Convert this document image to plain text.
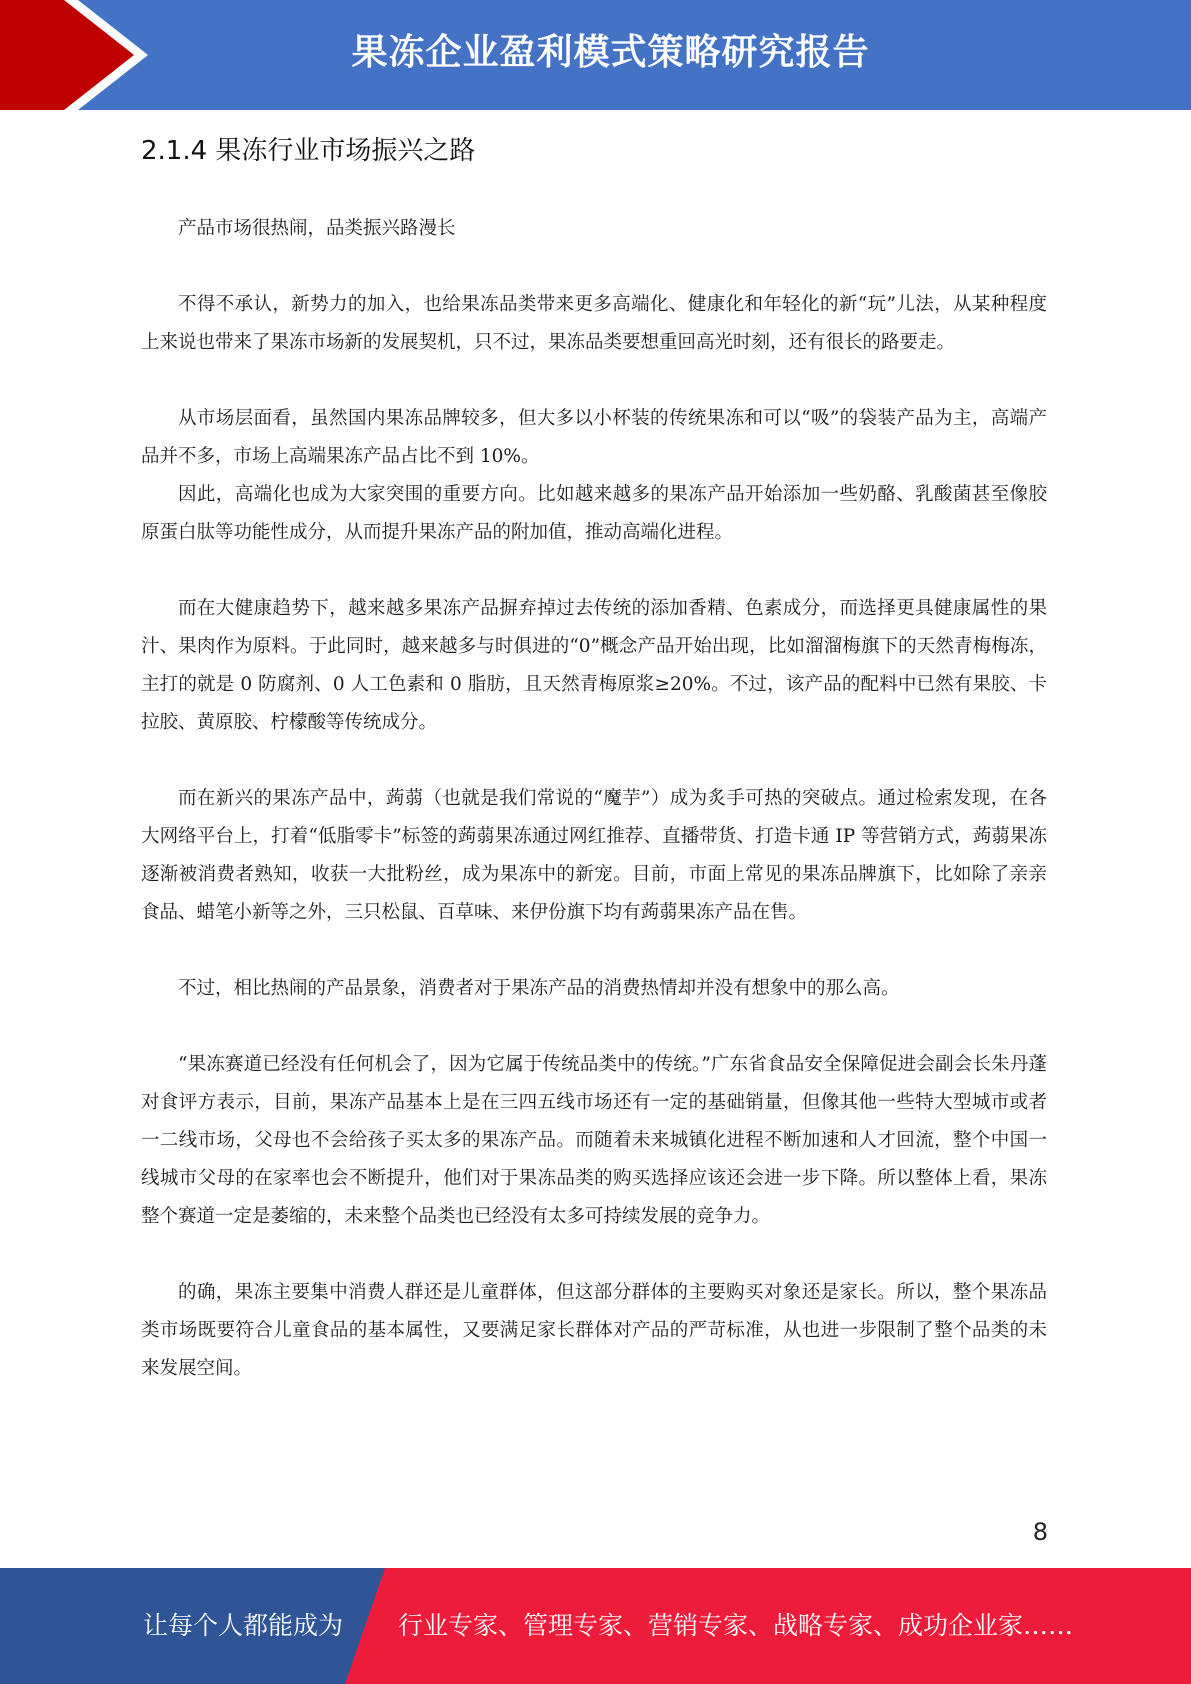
果冻企业盈利模式策略研究报告
2.1.4 果冻行业市场振兴之路

产品市场很热闹，品类振兴路漫长

不得不承认，新势力的加入，也给果冻品类带来更多高端化、健康化和年轻化的新“玩”儿法，从某种程度上来说也带来了果冻市场新的发展契机，只不过，果冻品类要想重回高光时刻，还有很长的路要走。

从市场层面看，虽然国内果冻品牌较多，但大多以小杯装的传统果冻和可以“吸”的袋装产品为主，高端产品并不多，市场上高端果冻产品占比不到 10%。

因此，高端化也成为大家突围的重要方向。比如越来越多的果冻产品开始添加一些奶酪、乳酸菌甚至像胶原蛋白肽等功能性成分，从而提升果冻产品的附加值，推动高端化进程。

而在大健康趋势下，越来越多果冻产品摒弃掉过去传统的添加香精、色素成分，而选择更具健康属性的果汁、果肉作为原料。于此同时，越来越多与时俱进的“0”概念产品开始出现，比如溜溜梅旗下的天然青梅梅冻，主打的就是 0 防腐剂、0 人工色素和 0 脂肪，且天然青梅原浆≥20%。不过，该产品的配料中已然有果胶、卡拉胶、黄原胶、柠檬酸等传统成分。

而在新兴的果冻产品中，蒟蒻（也就是我们常说的“魔芋”）成为炙手可热的突破点。通过检索发现，在各大网络平台上，打着“低脂零卡”标签的蒟蒻果冻通过网红推荐、直播带货、打造卡通 IP 等营销方式，蒟蒻果冻逐渐被消费者熟知，收获一大批粉丝，成为果冻中的新宠。目前，市面上常见的果冻品牌旗下，比如除了亲亲食品、蜡笔小新等之外，三只松鼠、百草味、来伊份旗下均有蒟蒻果冻产品在售。

不过，相比热闹的产品景象，消费者对于果冻产品的消费热情却并没有想象中的那么高。

“果冻赛道已经没有任何机会了，因为它属于传统品类中的传统。”广东省食品安全保障促进会副会长朱丹蓬对食评方表示，目前，果冻产品基本上是在三四五线市场还有一定的基础销量，但像其他一些特大型城市或者一二线市场，父母也不会给孩子买太多的果冻产品。而随着未来城镇化进程不断加速和人才回流，整个中国一线城市父母的在家率也会不断提升，他们对于果冻品类的购买选择应该还会进一步下降。所以整体上看，果冻整个赛道一定是萎缩的，未来整个品类也已经没有太多可持续发展的竞争力。

的确，果冻主要集中消费人群还是儿童群体，但这部分群体的主要购买对象还是家长。所以，整个果冻品类市场既要符合儿童食品的基本属性，又要满足家长群体对产品的严苛标准，从也进一步限制了整个品类的未来发展空间。

8
让每个人都能成为 行业专家、管理专家、营销专家、战略专家、成功企业家……
